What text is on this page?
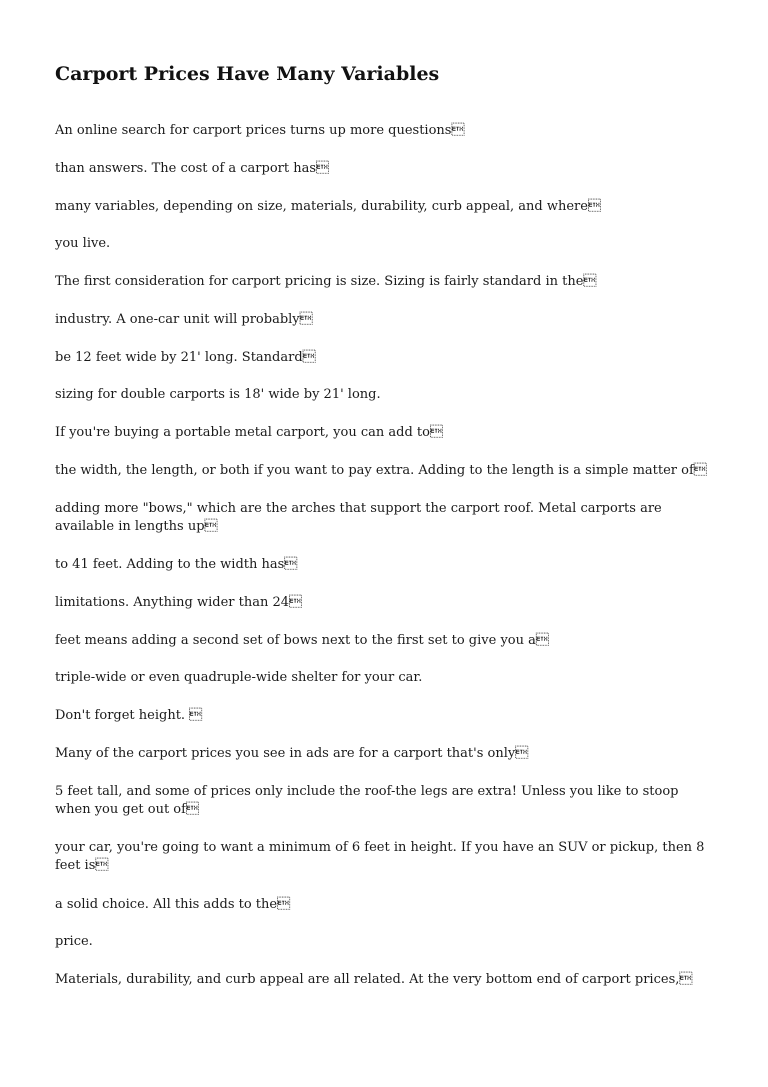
Carport Prices Have Many Variables

An online search for carport prices turns up more questions

than answers. The cost of a carport has

many variables, depending on size, materials, durability, curb appeal, and where

you live.

The first consideration for carport pricing is size. Sizing is fairly standard in the

industry. A one-car unit will probably

be 12 feet wide by 21' long. Standard

sizing for double carports is 18' wide by 21' long.

If you're buying a portable metal carport, you can add to

the width, the length, or both if you want to pay extra. Adding to the length is a simple matter of

adding more "bows," which are the arches that support the carport roof. Metal carports are available in lengths up

to 41 feet. Adding to the width has

limitations. Anything wider than 24

feet means adding a second set of bows next to the first set to give you a

triple-wide or even quadruple-wide shelter for your car.

Don't forget height. 

Many of the carport prices you see in ads are for a carport that's only

5 feet tall, and some of prices only include the roof-the legs are extra! Unless you like to stoop when you get out of

your car, you're going to want a minimum of 6 feet in height. If you have an SUV or pickup, then 8 feet is

a solid choice. All this adds to the

price.

Materials, durability, and curb appeal are all related. At the very bottom end of carport prices,
